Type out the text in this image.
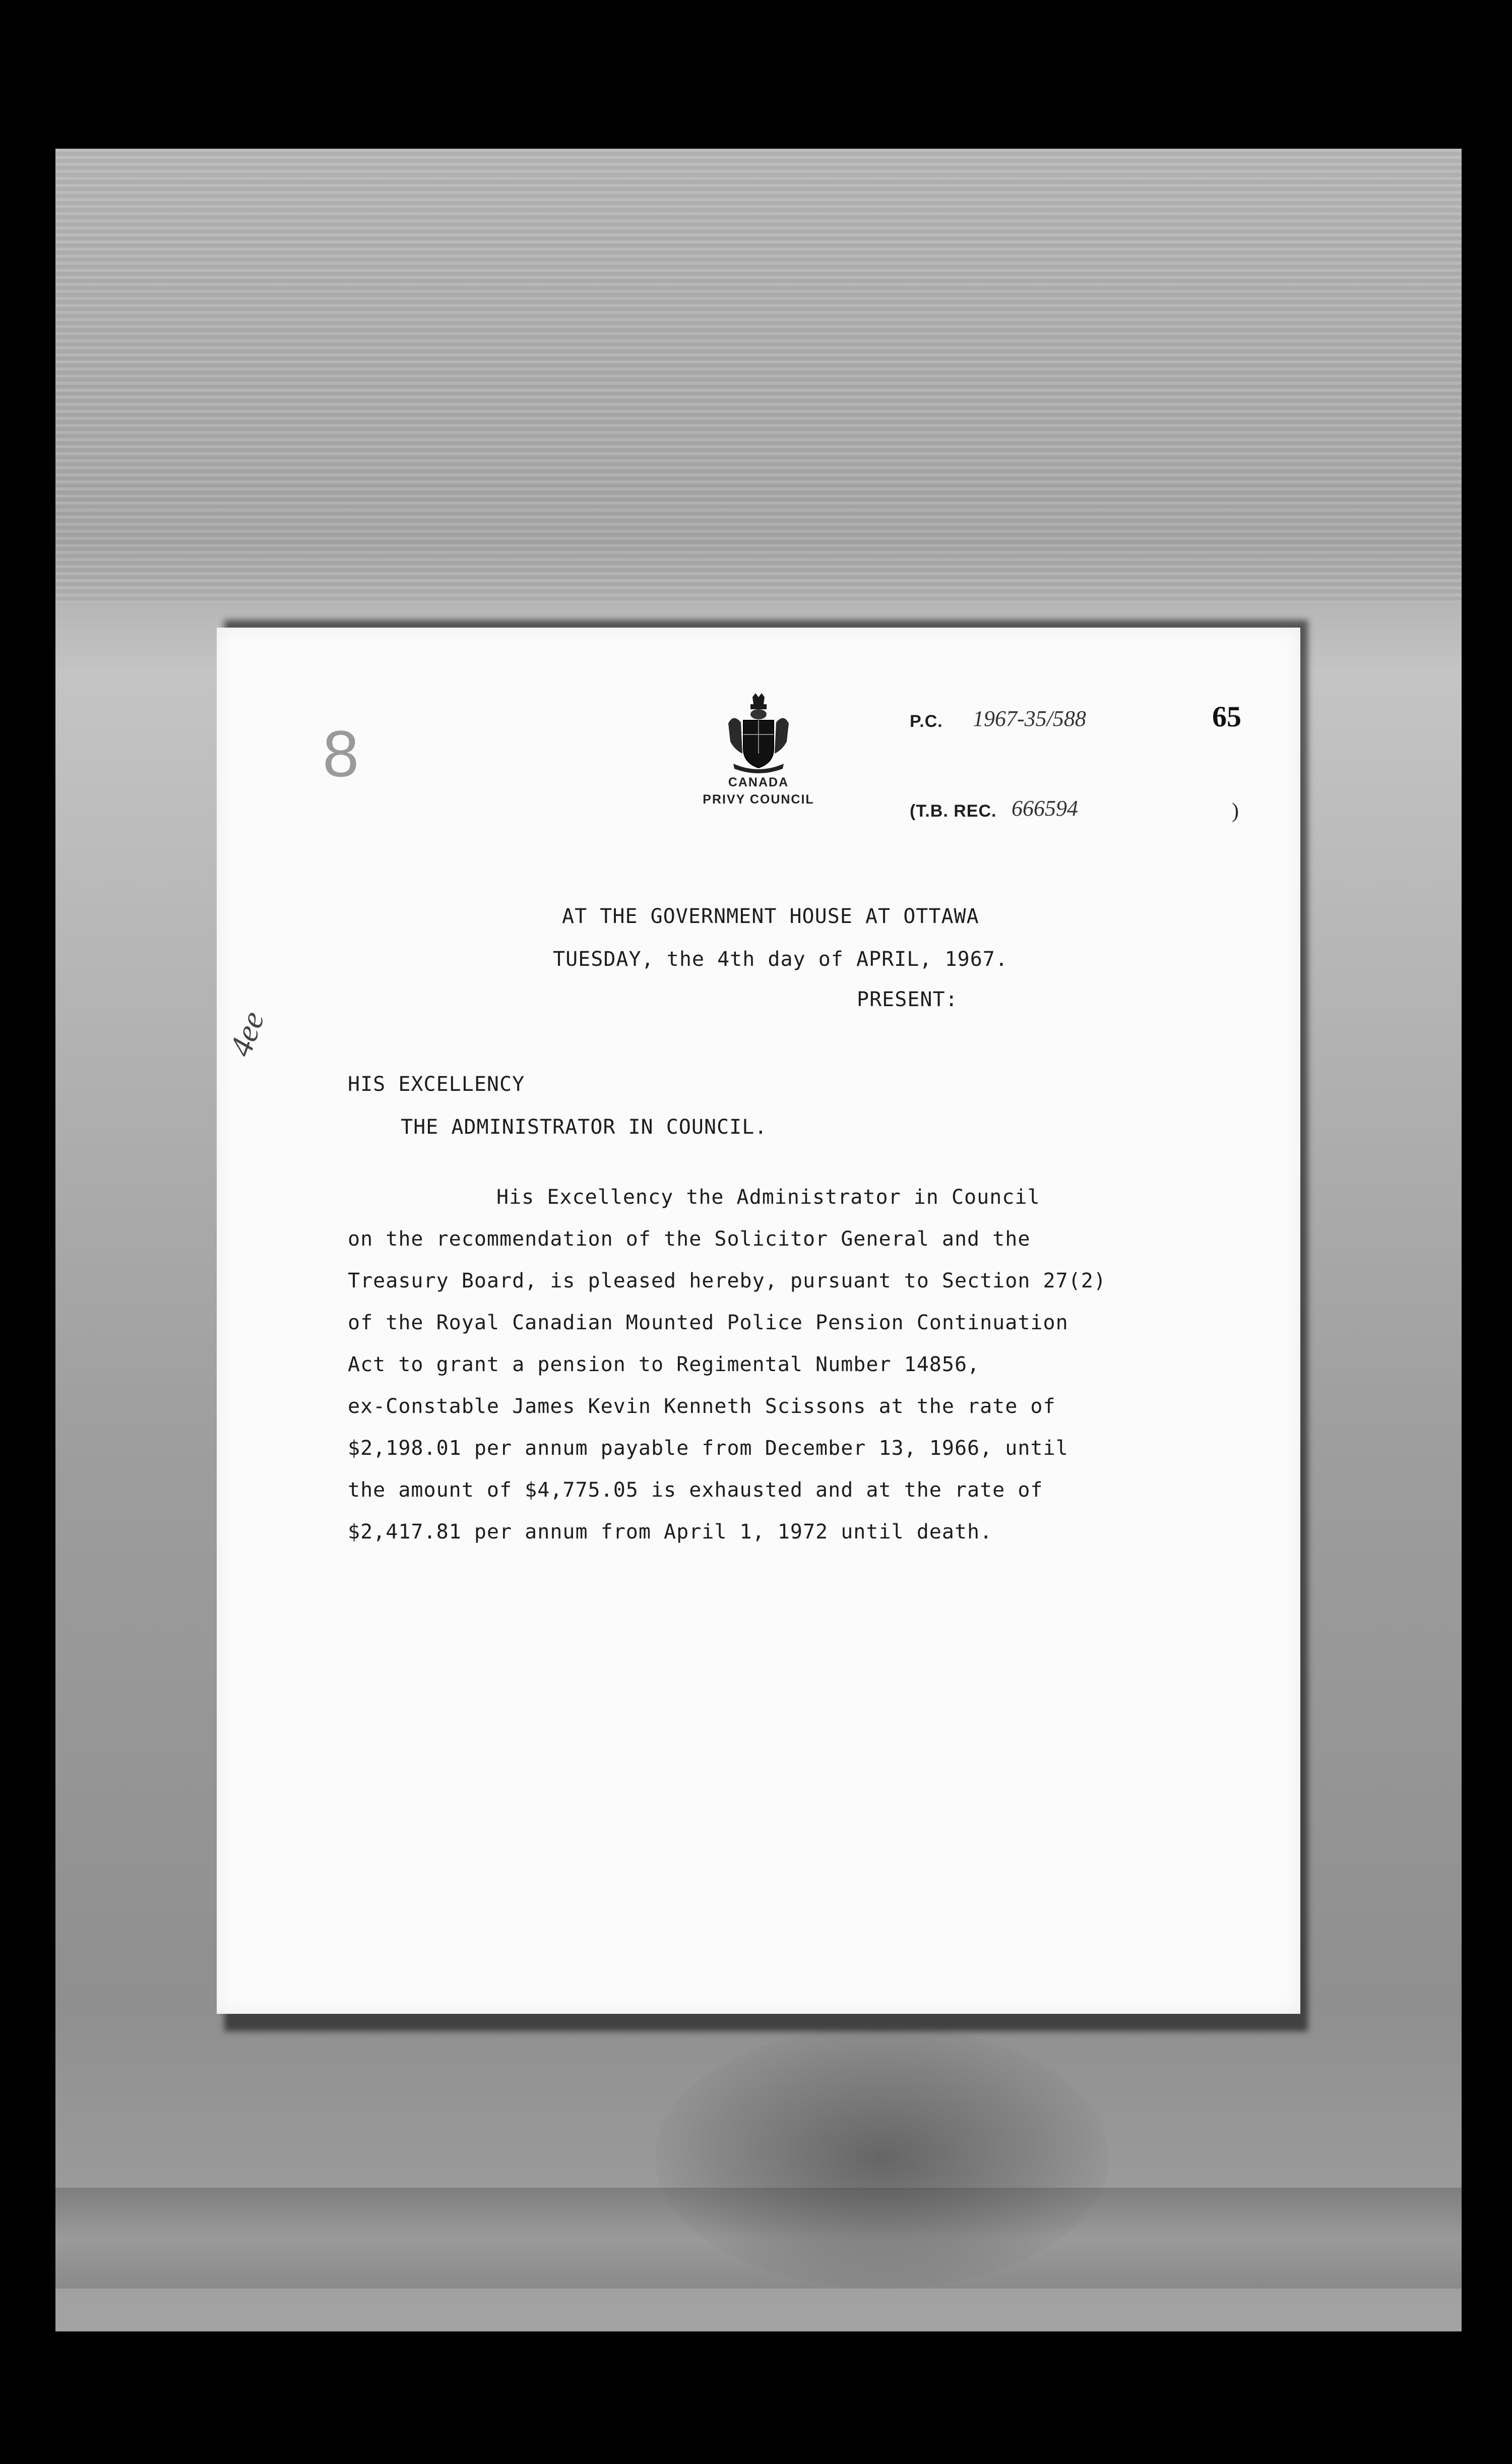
8	CANADA
PRIVY COUNCIL
P.C. 1967-35/588	65
(T.B. REC. 666594	)
AT THE GOVERNMENT HOUSE AT OTTAWA
TUESDAY, the 4th day of APRIL, 1967.
PRESENT:
4ee
HIS EXCELLENCY
THE ADMINISTRATOR IN COUNCIL.
His Excellency the Administrator in Council
on the recommendation of the Solicitor General and the
Treasury Board, is pleased hereby, pursuant to Section 27(2)
of the Royal Canadian Mounted Police Pension Continuation
Act to grant a pension to Regimental Number 14856,
ex-Constable James Kevin Kenneth Scissons at the rate of
$2,198.01 per annum payable from December 13, 1966, until
the amount of $4,775.05 is exhausted and at the rate of
$2,417.81 per annum from April 1, 1972 until death.
